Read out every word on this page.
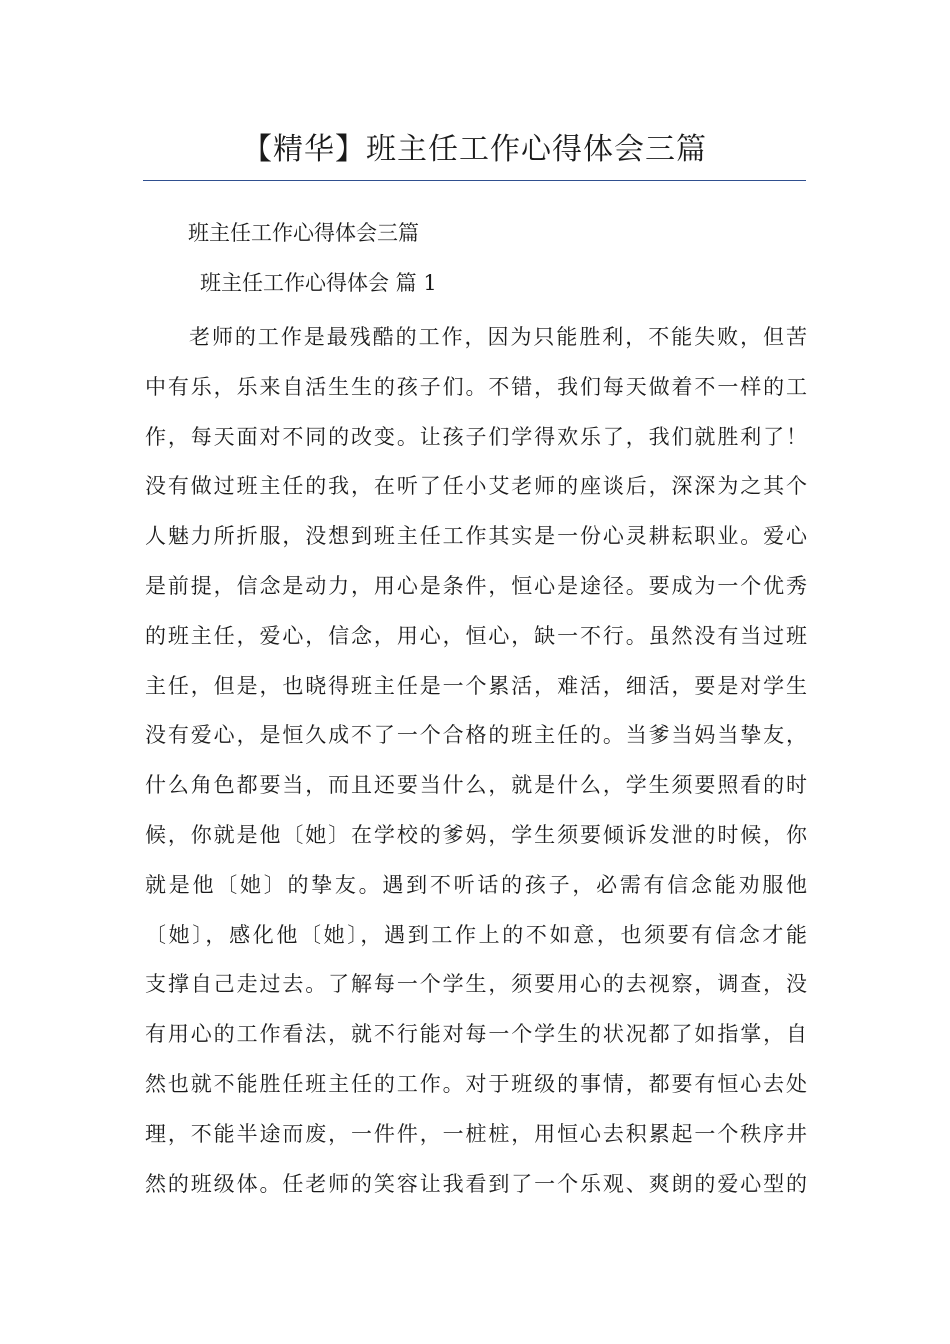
【精华】班主任工作心得体会三篇
班主任工作心得体会三篇
班主任工作心得体会 篇 1
老师的工作是最残酷的工作，因为只能胜利，不能失败，但苦
中有乐，乐来自活生生的孩子们。不错，我们每天做着不一样的工
作，每天面对不同的改变。让孩子们学得欢乐了，我们就胜利了！
没有做过班主任的我，在听了任小艾老师的座谈后，深深为之其个
人魅力所折服，没想到班主任工作其实是一份心灵耕耘职业。爱心
是前提，信念是动力，用心是条件，恒心是途径。要成为一个优秀
的班主任，爱心，信念，用心，恒心，缺一不行。虽然没有当过班
主任，但是，也晓得班主任是一个累活，难活，细活，要是对学生
没有爱心，是恒久成不了一个合格的班主任的。当爹当妈当挚友，
什么角色都要当，而且还要当什么，就是什么，学生须要照看的时
候，你就是他〔她〕在学校的爹妈，学生须要倾诉发泄的时候，你
就是他〔她〕的挚友。遇到不听话的孩子，必需有信念能劝服他
〔她〕，感化他〔她〕，遇到工作上的不如意，也须要有信念才能
支撑自己走过去。了解每一个学生，须要用心的去视察，调查，没
有用心的工作看法，就不行能对每一个学生的状况都了如指掌，自
然也就不能胜任班主任的工作。对于班级的事情，都要有恒心去处
理，不能半途而废，一件件，一桩桩，用恒心去积累起一个秩序井
然的班级体。任老师的笑容让我看到了一个乐观、爽朗的爱心型的
